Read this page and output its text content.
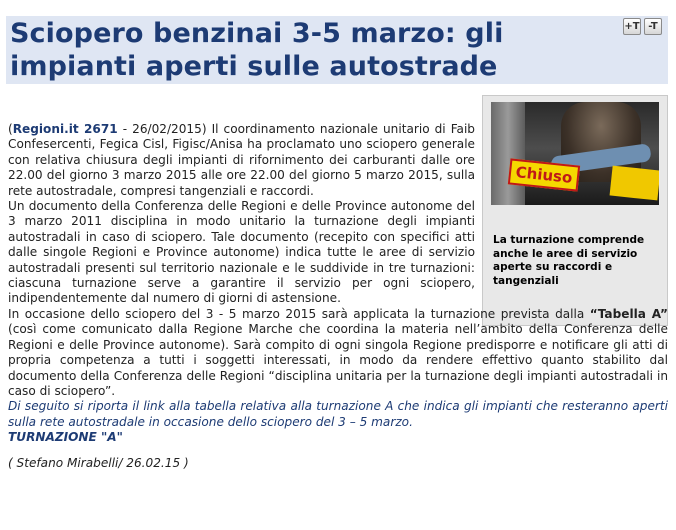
Sciopero benzinai 3-5 marzo: gli impianti aperti sulle autostrade
+T -T
Chiuso

La turnazione comprende anche le aree di servizio aperte su raccordi e tangenziali

(Regioni.it 2671 - 26/02/2015) Il coordinamento nazionale unitario di Faib Confesercenti, Fegica Cisl, Figisc/Anisa ha proclamato uno sciopero generale con relativa chiusura degli impianti di rifornimento dei carburanti dalle ore 22.00 del giorno 3 marzo 2015 alle ore 22.00 del giorno 5 marzo 2015, sulla rete autostradale, compresi tangenziali e raccordi.

Un documento della Conferenza delle Regioni e delle Province autonome del 3 marzo 2011 disciplina in modo unitario la turnazione degli impianti autostradali in caso di sciopero. Tale documento (recepito con specifici atti dalle singole Regioni e Province autonome) indica tutte le aree di servizio autostradali presenti sul territorio nazionale e le suddivide in tre turnazioni: ciascuna turnazione serve a garantire il servizio per ogni sciopero, indipendentemente dal numero di giorni di astensione.

In occasione dello sciopero del 3 - 5 marzo 2015 sarà applicata la turnazione prevista dalla “Tabella A” (così come comunicato dalla Regione Marche che coordina la materia nell’ambito della Conferenza delle Regioni e delle Province autonome). Sarà compito di ogni singola Regione predisporre e notificare gli atti di propria competenza a tutti i soggetti interessati, in modo da rendere effettivo quanto stabilito dal documento della Conferenza delle Regioni “disciplina unitaria per la turnazione degli impianti autostradali in caso di sciopero”.

Di seguito si riporta il link alla tabella relativa alla turnazione A che indica gli impianti che resteranno aperti sulla rete autostradale in occasione dello sciopero del 3 – 5 marzo.

TURNAZIONE "A"

( Stefano Mirabelli/ 26.02.15 )
